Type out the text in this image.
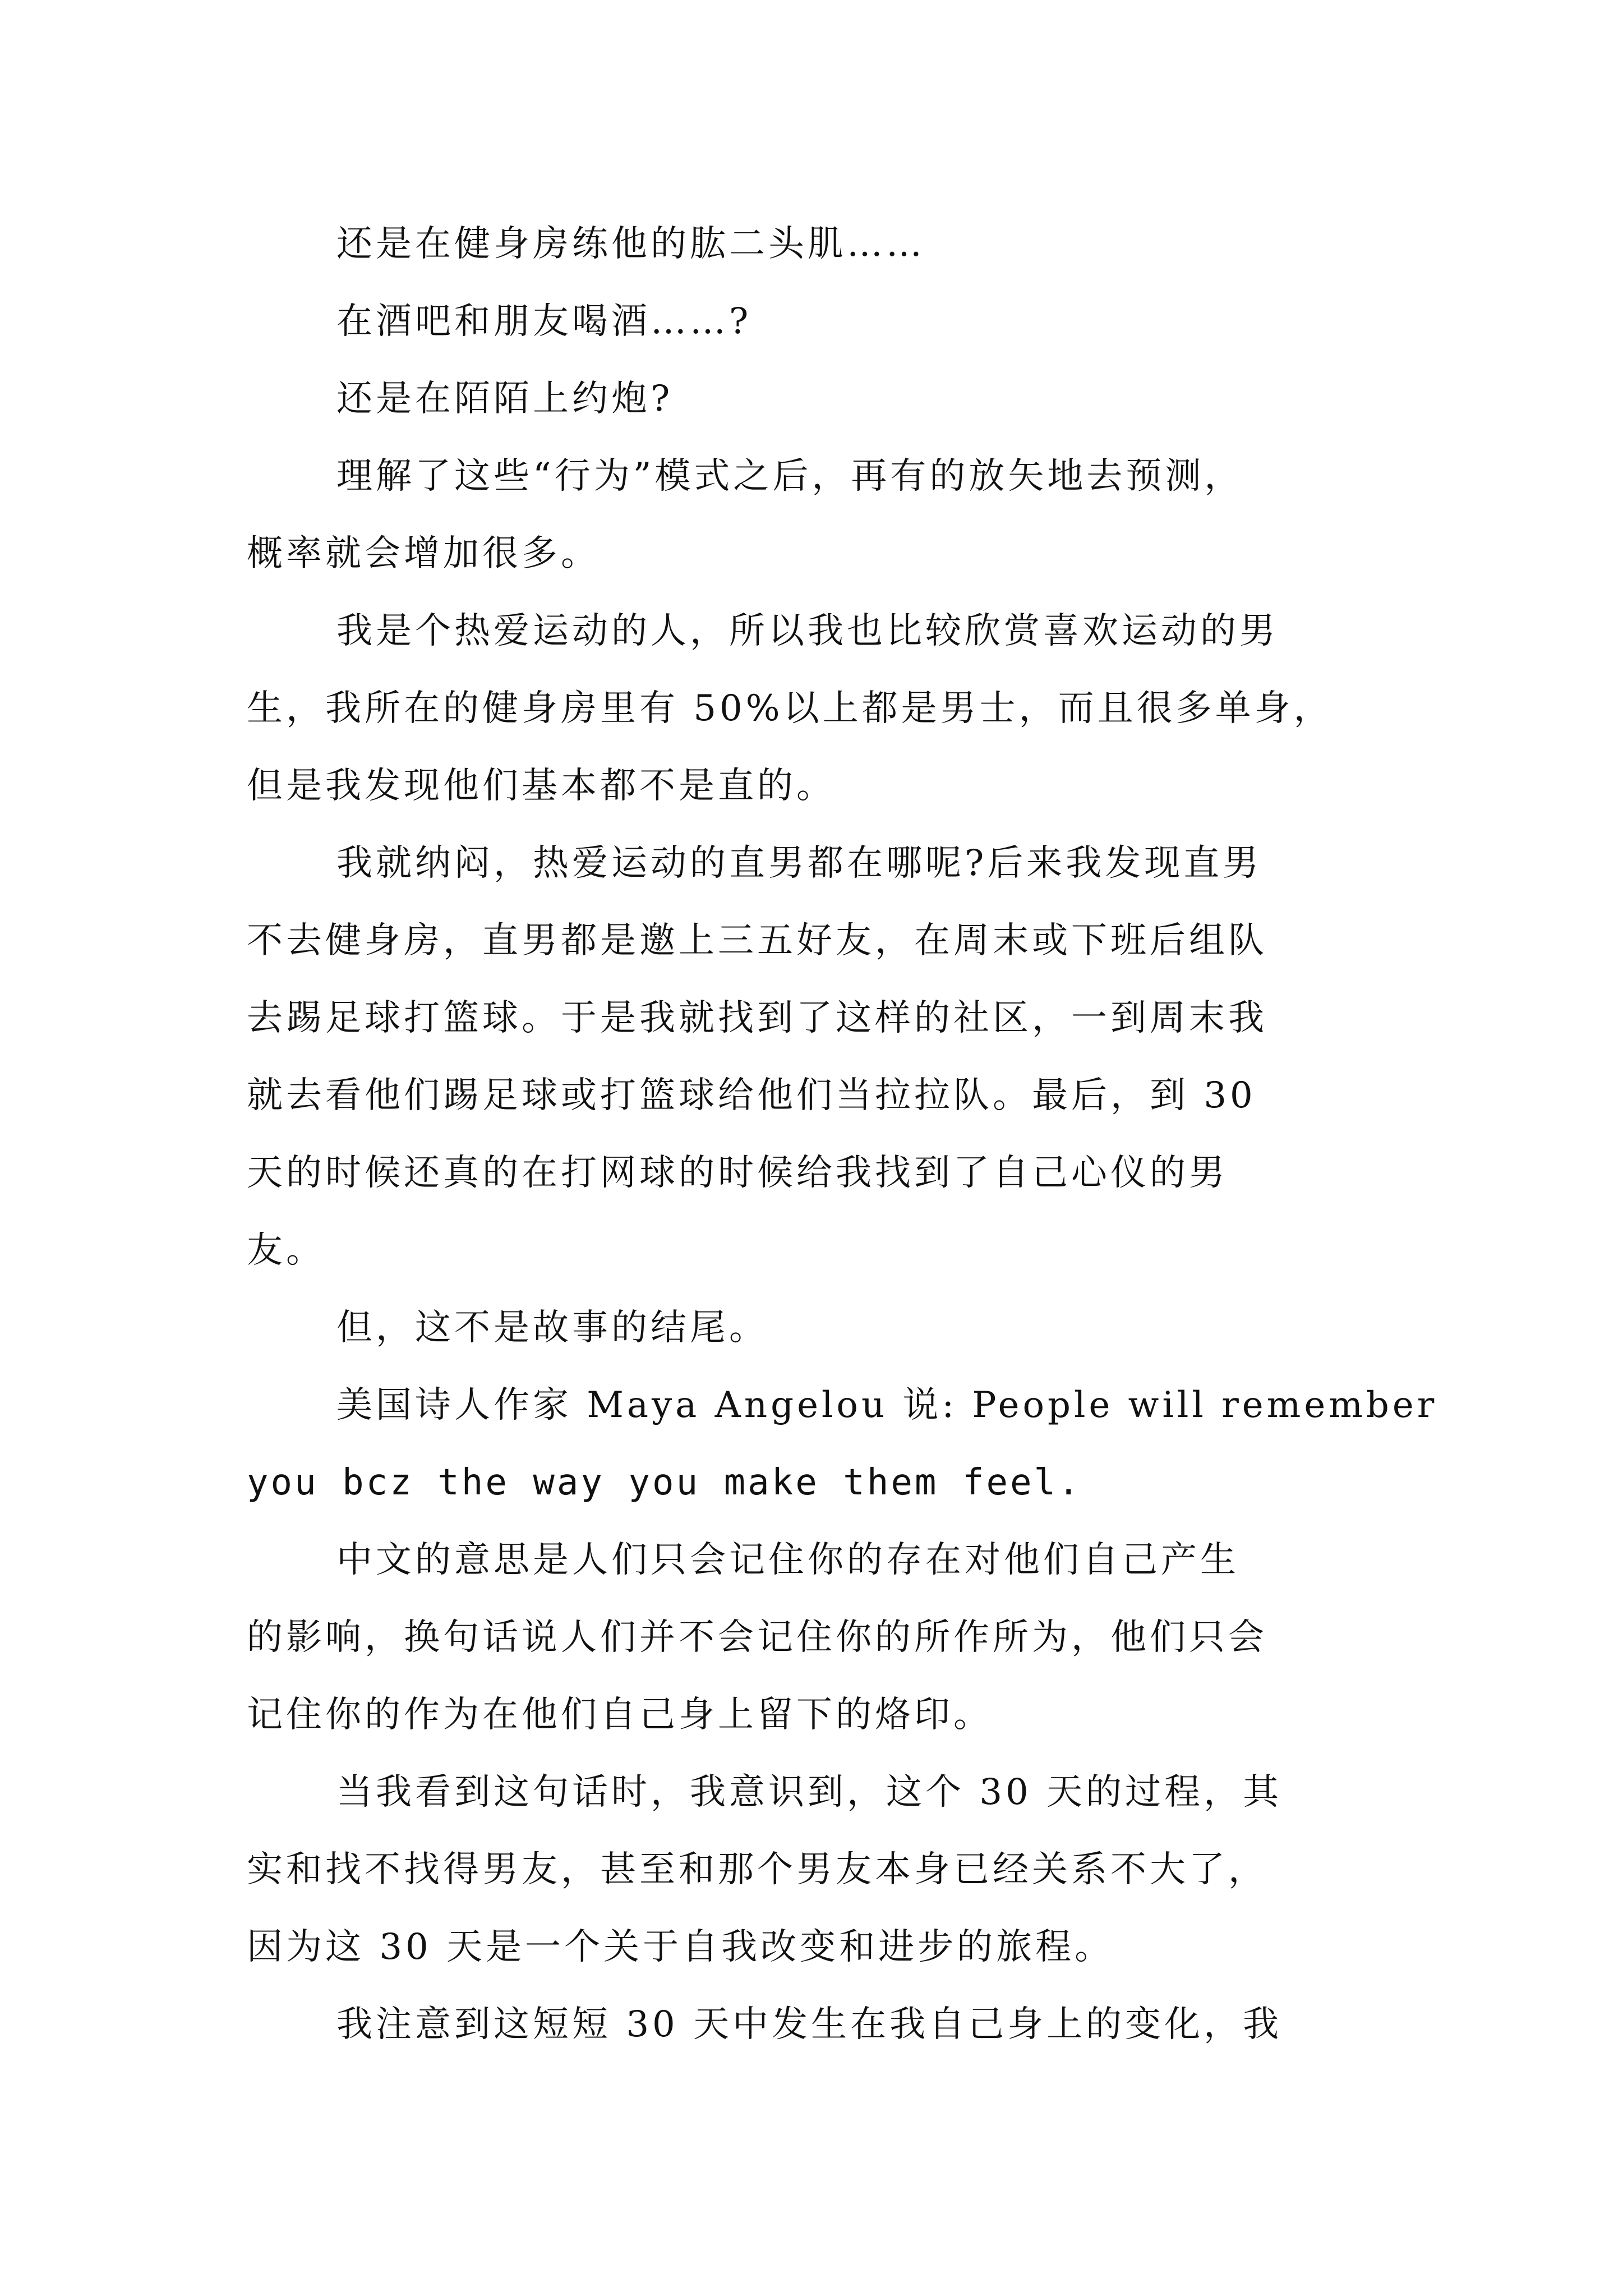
还是在健身房练他的肱二头肌……
在酒吧和朋友喝酒……?
还是在陌陌上约炮?
理解了这些“行为”模式之后，再有的放矢地去预测，
概率就会增加很多。
我是个热爱运动的人，所以我也比较欣赏喜欢运动的男
生，我所在的健身房里有 50%以上都是男士，而且很多单身，
但是我发现他们基本都不是直的。
我就纳闷，热爱运动的直男都在哪呢?后来我发现直男
不去健身房，直男都是邀上三五好友，在周末或下班后组队
去踢足球打篮球。于是我就找到了这样的社区，一到周末我
就去看他们踢足球或打篮球给他们当拉拉队。最后，到 30
天的时候还真的在打网球的时候给我找到了自己心仪的男
友。
但，这不是故事的结尾。
美国诗人作家 Maya Angelou 说: People will remember
you bcz the way you make them feel.
中文的意思是人们只会记住你的存在对他们自己产生
的影响，换句话说人们并不会记住你的所作所为，他们只会
记住你的作为在他们自己身上留下的烙印。
当我看到这句话时，我意识到，这个 30 天的过程，其
实和找不找得男友，甚至和那个男友本身已经关系不大了，
因为这 30 天是一个关于自我改变和进步的旅程。
我注意到这短短 30 天中发生在我自己身上的变化，我
